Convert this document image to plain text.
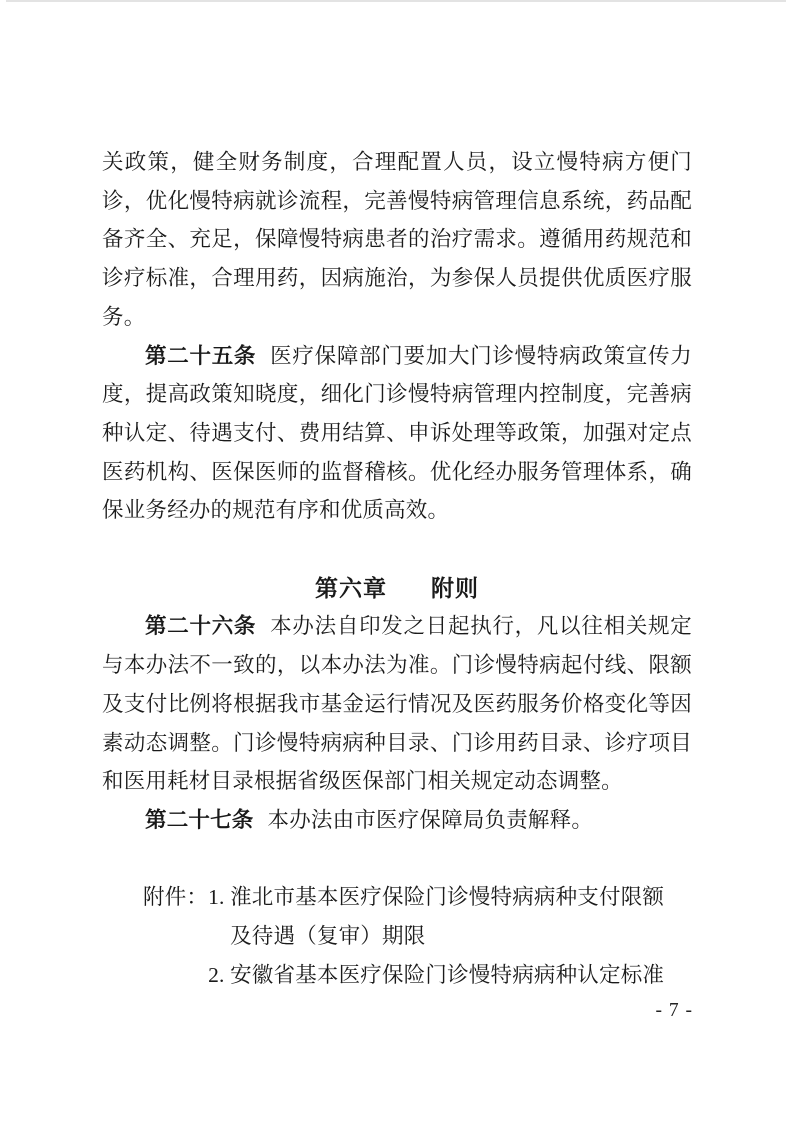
关政策，健全财务制度，合理配置人员，设立慢特病方便门诊，优化慢特病就诊流程，完善慢特病管理信息系统，药品配备齐全、充足，保障慢特病患者的治疗需求。遵循用药规范和诊疗标准，合理用药，因病施治，为参保人员提供优质医疗服务。

第二十五条 医疗保障部门要加大门诊慢特病政策宣传力度，提高政策知晓度，细化门诊慢特病管理内控制度，完善病种认定、待遇支付、费用结算、申诉处理等政策，加强对定点医药机构、医保医师的监督稽核。优化经办服务管理体系，确保业务经办的规范有序和优质高效。

第六章 附则

第二十六条 本办法自印发之日起执行，凡以往相关规定与本办法不一致的，以本办法为准。门诊慢特病起付线、限额及支付比例将根据我市基金运行情况及医药服务价格变化等因素动态调整。门诊慢特病病种目录、门诊用药目录、诊疗项目和医用耗材目录根据省级医保部门相关规定动态调整。

第二十七条 本办法由市医疗保障局负责解释。

附件： 1. 淮北市基本医疗保险门诊慢特病病种支付限额及待遇（复审）期限
2. 安徽省基本医疗保险门诊慢特病病种认定标准
- 7 -
